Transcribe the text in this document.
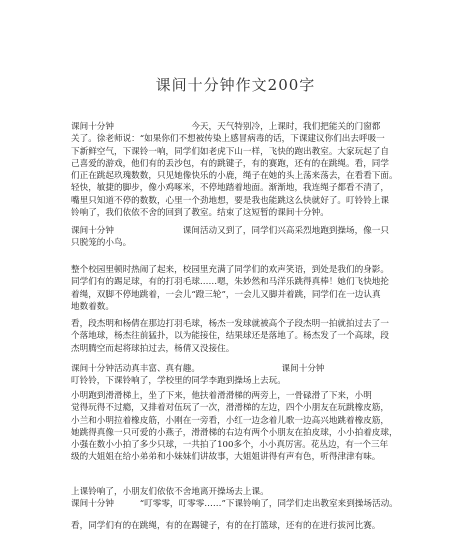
课间十分钟作文200字
课间十分钟　　　　　　　　　今天，天气特别冷，上课时，我们把能关的门窗都
关了。徐老师说：“如果你们不想被传染上感冒病毒的话，下课建议你们出去呼吸一
下新鲜空气，下课铃一响，同学们如老虎下山一样，飞快的跑出教室。大家玩起了自
己喜爱的游戏，他们有的丢沙包，有的跳键子，有的赛跑，还有的在跳绳。看，同学
们正在跳起玖瑰数数，只见她像快乐的小鹿，绳子在她的头上荡来荡去，在看看下面。
轻快，敏捷的脚步，像小鸡啄米，不停地踏着地面。渐渐地，我连绳子都看不清了，
嘴里只知道不停的数数，心里一个劲地想，要是我也能跳这么快就好了。叮铃铃上课
铃响了，我们依依不舍的回到了教室。结束了这短暂的课间十分钟。
课间十分钟　　　　　　　　课间活动又到了，同学们兴高采烈地跑到操场，像一只
只脱笼的小鸟。
整个校园里顿时热闹了起来，校园里充满了同学们的欢声笑语，到处是我们的身影。
同学们有的踢足球，有的打羽毛球……嗯，朱妙然和马洋乐跳得真棒！她们飞快地抡
着绳，双脚不停地跳着，一会儿“蹬三轮”，一会儿又脚并着跳，同学们在一边认真
地数着数。
看，段杰明和杨倩在那边打羽毛球，杨杰一发球就被高个子段杰明一拍就拍过去了一
个落地球，杨杰往前猛扑，以为能接住，结果球还是落地了。杨杰发了一个高球，段
杰明腾空而起将球拍过去，杨倩又没接住。
课间十分钟活动真丰富、真有趣。　　　　　　　　　　课间十分钟
叮铃铃，下课铃响了，学校里的同学李跑到操场上去玩。
小明跑到滑滑梯上，坐了下来，他扶着滑滑梯的两旁上，一骨碌滑了下来，小明
觉得玩得不过瘾，又排着对伍玩了一次，滑滑梯的左边，四个小朋友在玩跳橡皮筋，
小兰和小明拉着橡皮筋，小刚在一旁看，小红一边念着儿歌一边高兴地跳着橡皮筋，
她跳得真像一只可爱的小燕子，滑滑梯的右边有两个小朋友在拍皮球，小小拍着皮球，
小强在数小小拍了多少只球，一共拍了100多个，小小真厉害。花丛边，有一个三年
级的大姐姐在给小弟弟和小妹妹们讲故事，大姐姐讲得有声有色，听得津津有味。
上课铃响了，小朋友们依依不舍地离开操场去上课。
课间十分钟　　　“叮零零，叮零零……”下课铃响了，同学们走出教室来到操场活动。
看，同学们有的在跳绳，有的在踢键子，有的在打篮球，还有的在进行拔河比赛。
